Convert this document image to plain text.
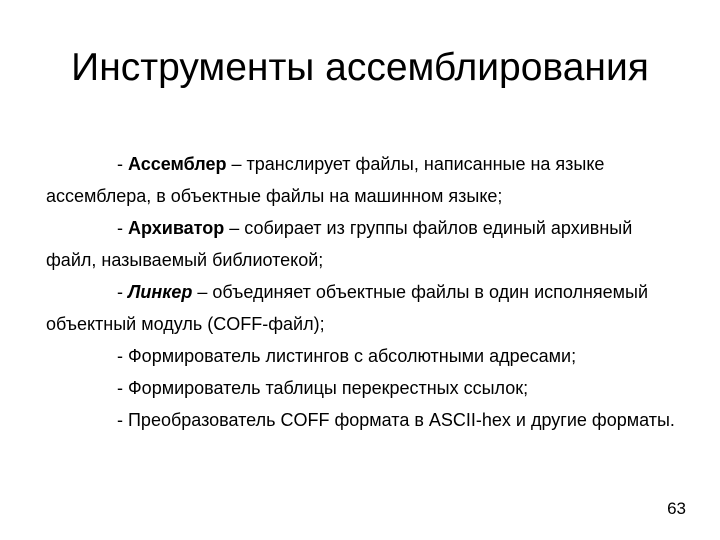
Инструменты ассемблирования

- Ассемблер – транслирует файлы, написанные на языке ассемблера, в объектные файлы на машинном языке;

- Архиватор – собирает из группы файлов единый архивный файл, называемый библиотекой;

- Линкер – объединяет объектные файлы в один исполняемый объектный модуль (COFF-файл);

- Формирователь листингов с абсолютными адресами;

- Формирователь таблицы перекрестных ссылок;

- Преобразователь COFF формата в ASCII-hex и другие форматы.

63
